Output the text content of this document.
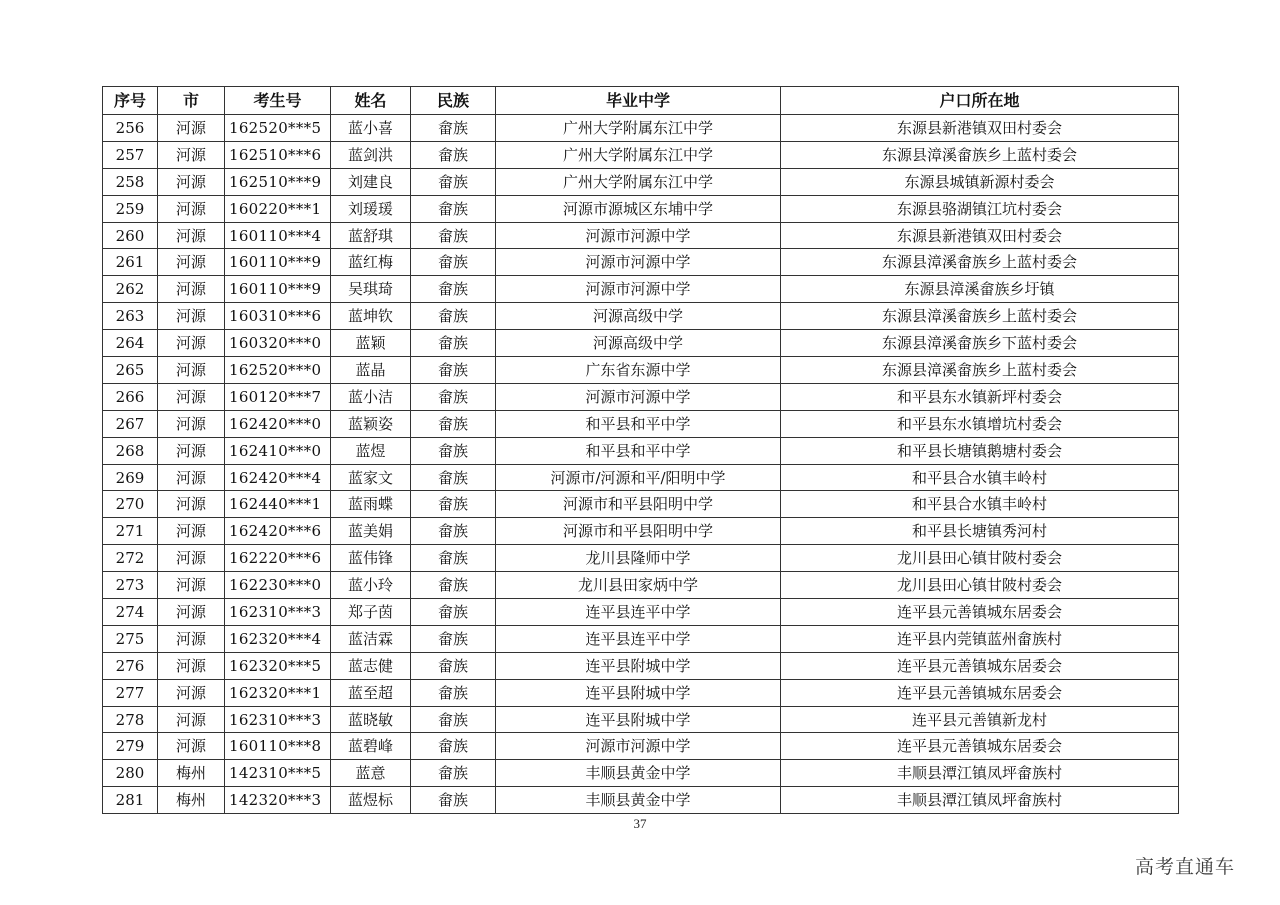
序号	市	考生号	姓名	民族	毕业中学	户口所在地
256	河源	162520***5	蓝小喜	畲族	广州大学附属东江中学	东源县新港镇双田村委会
257	河源	162510***6	蓝剑洪	畲族	广州大学附属东江中学	东源县漳溪畲族乡上蓝村委会
258	河源	162510***9	刘建良	畲族	广州大学附属东江中学	东源县城镇新源村委会
259	河源	160220***1	刘瑗瑗	畲族	河源市源城区东埔中学	东源县骆湖镇江坑村委会
260	河源	160110***4	蓝舒琪	畲族	河源市河源中学	东源县新港镇双田村委会
261	河源	160110***9	蓝红梅	畲族	河源市河源中学	东源县漳溪畲族乡上蓝村委会
262	河源	160110***9	吴琪琦	畲族	河源市河源中学	东源县漳溪畲族乡圩镇
263	河源	160310***6	蓝坤钦	畲族	河源高级中学	东源县漳溪畲族乡上蓝村委会
264	河源	160320***0	蓝颖	畲族	河源高级中学	东源县漳溪畲族乡下蓝村委会
265	河源	162520***0	蓝晶	畲族	广东省东源中学	东源县漳溪畲族乡上蓝村委会
266	河源	160120***7	蓝小洁	畲族	河源市河源中学	和平县东水镇新坪村委会
267	河源	162420***0	蓝颖姿	畲族	和平县和平中学	和平县东水镇增坑村委会
268	河源	162410***0	蓝煜	畲族	和平县和平中学	和平县长塘镇鹅塘村委会
269	河源	162420***4	蓝家文	畲族	河源市/河源和平/阳明中学	和平县合水镇丰岭村
270	河源	162440***1	蓝雨蝶	畲族	河源市和平县阳明中学	和平县合水镇丰岭村
271	河源	162420***6	蓝美娟	畲族	河源市和平县阳明中学	和平县长塘镇秀河村
272	河源	162220***6	蓝伟锋	畲族	龙川县隆师中学	龙川县田心镇甘陂村委会
273	河源	162230***0	蓝小玲	畲族	龙川县田家炳中学	龙川县田心镇甘陂村委会
274	河源	162310***3	郑子茵	畲族	连平县连平中学	连平县元善镇城东居委会
275	河源	162320***4	蓝洁霖	畲族	连平县连平中学	连平县内莞镇蓝州畲族村
276	河源	162320***5	蓝志健	畲族	连平县附城中学	连平县元善镇城东居委会
277	河源	162320***1	蓝至超	畲族	连平县附城中学	连平县元善镇城东居委会
278	河源	162310***3	蓝晓敏	畲族	连平县附城中学	连平县元善镇新龙村
279	河源	160110***8	蓝碧峰	畲族	河源市河源中学	连平县元善镇城东居委会
280	梅州	142310***5	蓝意	畲族	丰顺县黄金中学	丰顺县潭江镇凤坪畲族村
281	梅州	142320***3	蓝煜标	畲族	丰顺县黄金中学	丰顺县潭江镇凤坪畲族村
37
高考直通车
